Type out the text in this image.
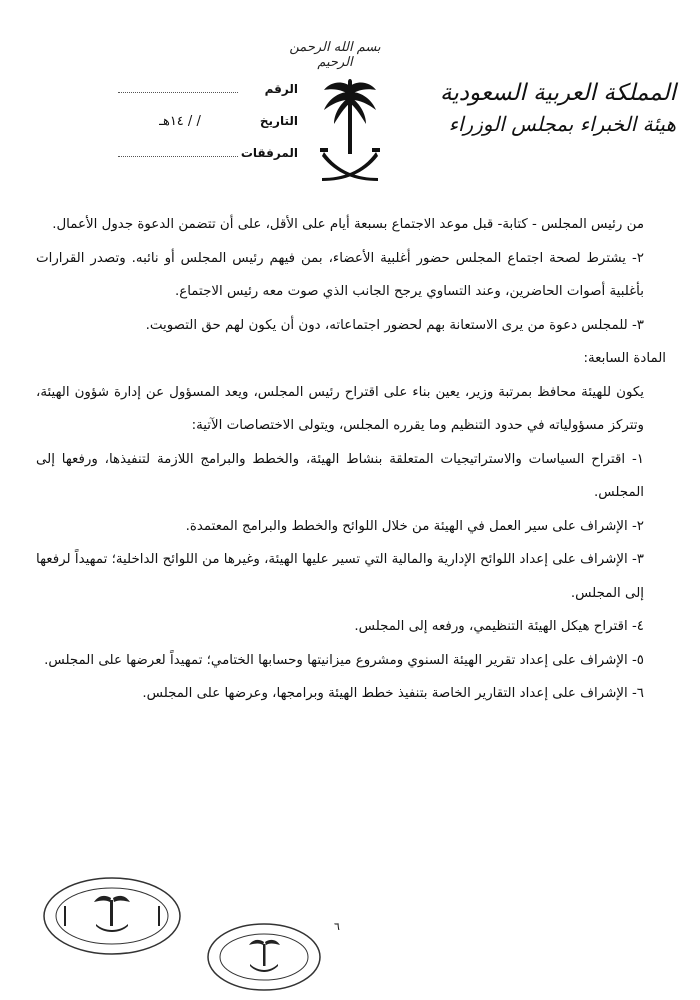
بسم الله الرحمن الرحيم
المملكة العربية السعودية
هيئة الخبراء بمجلس الوزراء
الرقم
التاريخ
/ / ١٤هـ
المرفقات

من رئيس المجلس - كتابة- قبل موعد الاجتماع بسبعة أيام على الأقل، على أن تتضمن الدعوة جدول الأعمال.

٢- يشترط لصحة اجتماع المجلس حضور أغلبية الأعضاء، بمن فيهم رئيس المجلس أو نائبه. وتصدر القرارات بأغلبية أصوات الحاضرين، وعند التساوي يرجح الجانب الذي صوت معه رئيس الاجتماع.

٣- للمجلس دعوة من يرى الاستعانة بهم لحضور اجتماعاته، دون أن يكون لهم حق التصويت.

المادة السابعة:

يكون للهيئة محافظ بمرتبة وزير، يعين بناء على اقتراح رئيس المجلس، ويعد المسؤول عن إدارة شؤون الهيئة، وتتركز مسؤولياته في حدود التنظيم وما يقرره المجلس، ويتولى الاختصاصات الآتية:

١- اقتراح السياسات والاستراتيجيات المتعلقة بنشاط الهيئة، والخطط والبرامج اللازمة لتنفيذها، ورفعها إلى المجلس.

٢- الإشراف على سير العمل في الهيئة من خلال اللوائح والخطط والبرامج المعتمدة.

٣- الإشراف على إعداد اللوائح الإدارية والمالية التي تسير عليها الهيئة، وغيرها من اللوائح الداخلية؛ تمهيداً لرفعها إلى المجلس.

٤- اقتراح هيكل الهيئة التنظيمي، ورفعه إلى المجلس.

٥- الإشراف على إعداد تقرير الهيئة السنوي ومشروع ميزانيتها وحسابها الختامي؛ تمهيداً لعرضها على المجلس.

٦- الإشراف على إعداد التقارير الخاصة بتنفيذ خطط الهيئة وبرامجها، وعرضها على المجلس.

٦
